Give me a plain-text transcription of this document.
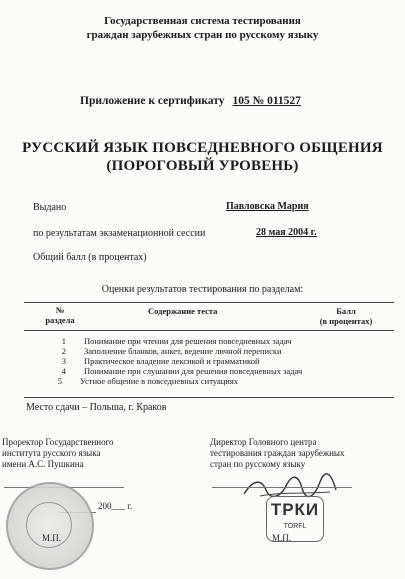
Государственная система тестирования
граждан зарубежных стран по русскому языку
Приложение к сертификату 105 № 011527
РУССКИЙ ЯЗЫК ПОВСЕДНЕВНОГО ОБЩЕНИЯ
(ПОРОГОВЫЙ УРОВЕНЬ)
Выдано	Павловска Мария
по результатам экзаменационной сессии	28 мая 2004 г.
Общий балл (в процентах)
Оценки результатов тестирования по разделам:
№
раздела
Содержание теста	Балл
(в процентах)
1 Понимание при чтении для решения повседневных задач
2 Заполнение бланков, анкет, ведение личной переписки
3 Практическое владение лексикой и грамматикой
4 Понимание при слушании для решения повседневных задач
5 Устное общение в повседневных ситуациях
Место сдачи – Польша, г. Краков
Проректор Государственного
института русского языка
имени А.С. Пушкина
200___ г.
М.П.
Директор Головного центра
тестирования граждан зарубежных
стран по русскому языку
ТРКИ
TORFL
М.П.
